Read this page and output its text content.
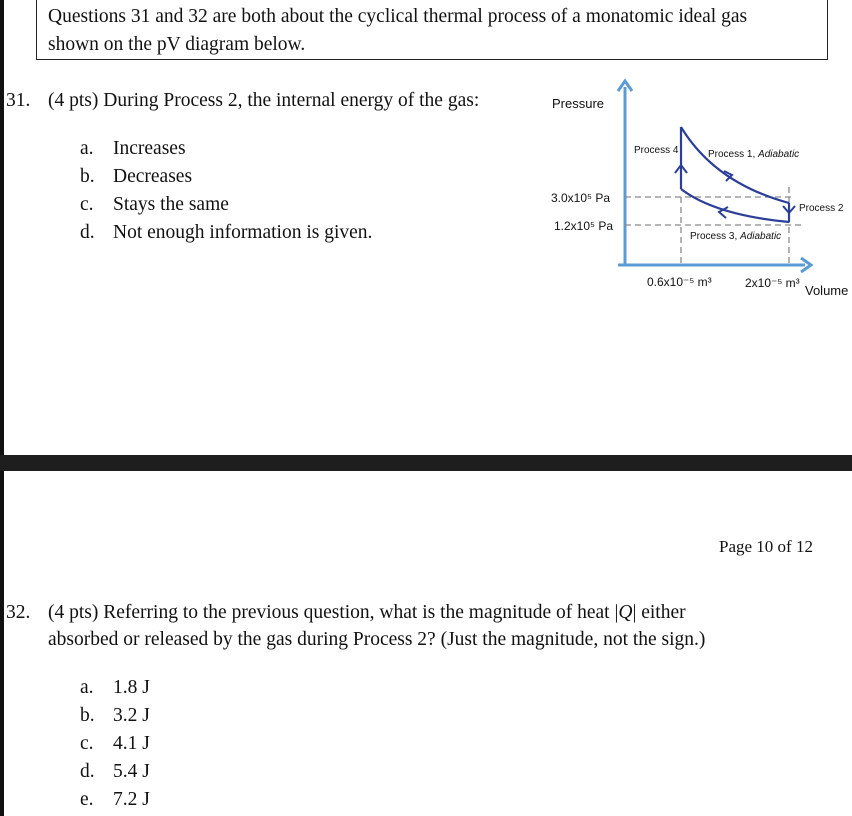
Questions 31 and 32 are both about the cyclical thermal process of a monatomic ideal gas
shown on the pV diagram below.
31. (4 pts) During Process 2, the internal energy of the gas:
a. Increases
b. Decreases
c. Stays the same
d. Not enough information is given.
Pressure
Volume
3.0x10⁵ Pa
1.2x10⁵ Pa
0.6x10⁻⁵ m³	2x10⁻⁵ m³
Process 4	Process 1, Adiabatic
Process 2
Process 3, Adiabatic
Page 10 of 12
32. (4 pts) Referring to the previous question, what is the magnitude of heat |Q| either
absorbed or released by the gas during Process 2? (Just the magnitude, not the sign.)
a. 1.8 J
b. 3.2 J
c. 4.1 J
d. 5.4 J
e. 7.2 J
